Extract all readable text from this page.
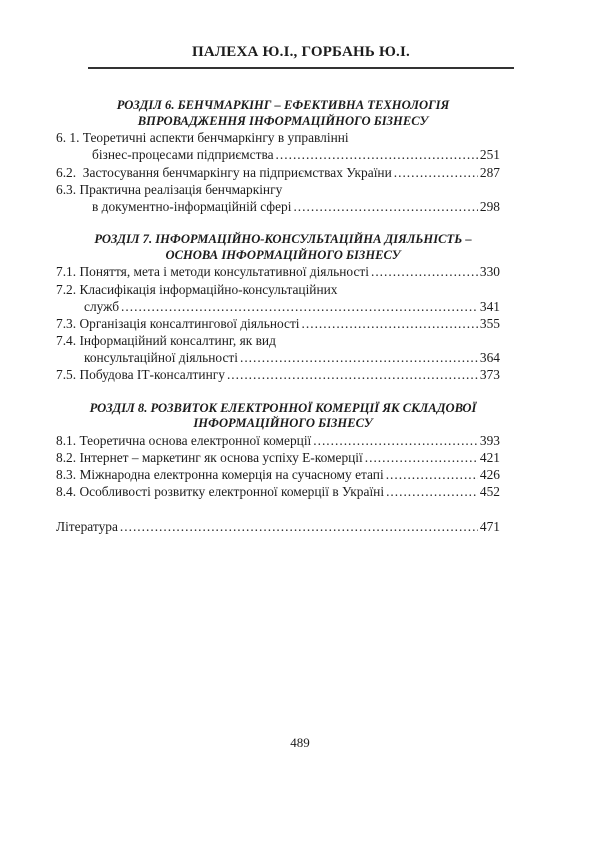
ПАЛЕХА Ю.І., ГОРБАНЬ Ю.І.
РОЗДІЛ 6. БЕНЧМАРКІНГ – ЕФЕКТИВНА ТЕХНОЛОГІЯ
ВПРОВАДЖЕННЯ ІНФОРМАЦІЙНОГО БІЗНЕСУ
6. 1.
Теоретичні аспекти бенчмаркінгу в управлінні
бізнес-процесами підприємства .....	251
6.2.
Застосування бенчмаркінгу на підприємствах України .....	287
6.3.
Практична реалізація бенчмаркінгу
в документно-інформаційній сфері .....	298
РОЗДІЛ 7. ІНФОРМАЦІЙНО-КОНСУЛЬТАЦІЙНА ДІЯЛЬНІСТЬ –
ОСНОВА ІНФОРМАЦІЙНОГО БІЗНЕСУ
7.1.
Поняття, мета і методи консультативної діяльності .....	330
7.2.
Класифікація інформаційно-консультаційних
служб .....	341
7.3.
Організація консалтингової діяльності .....	355
7.4.
Інформаційний консалтинг, як вид
консультаційної діяльності .....	364
7.5.
Побудова ІТ-консалтингу .....	373
РОЗДІЛ 8. РОЗВИТОК ЕЛЕКТРОННОЇ КОМЕРЦІЇ ЯК СКЛАДОВОЇ
ІНФОРМАЦІЙНОГО БІЗНЕСУ
8.1.
Теоретична основа електронної комерції .....	393
8.2.
Інтернет – маркетинг як основа успіху Е-комерції .....	421
8.3.
Міжнародна електронна комерція на сучасному етапі .....	426
8.4.
Особливості розвитку електронної комерції в Україні .....	452
Література .....	471
489
